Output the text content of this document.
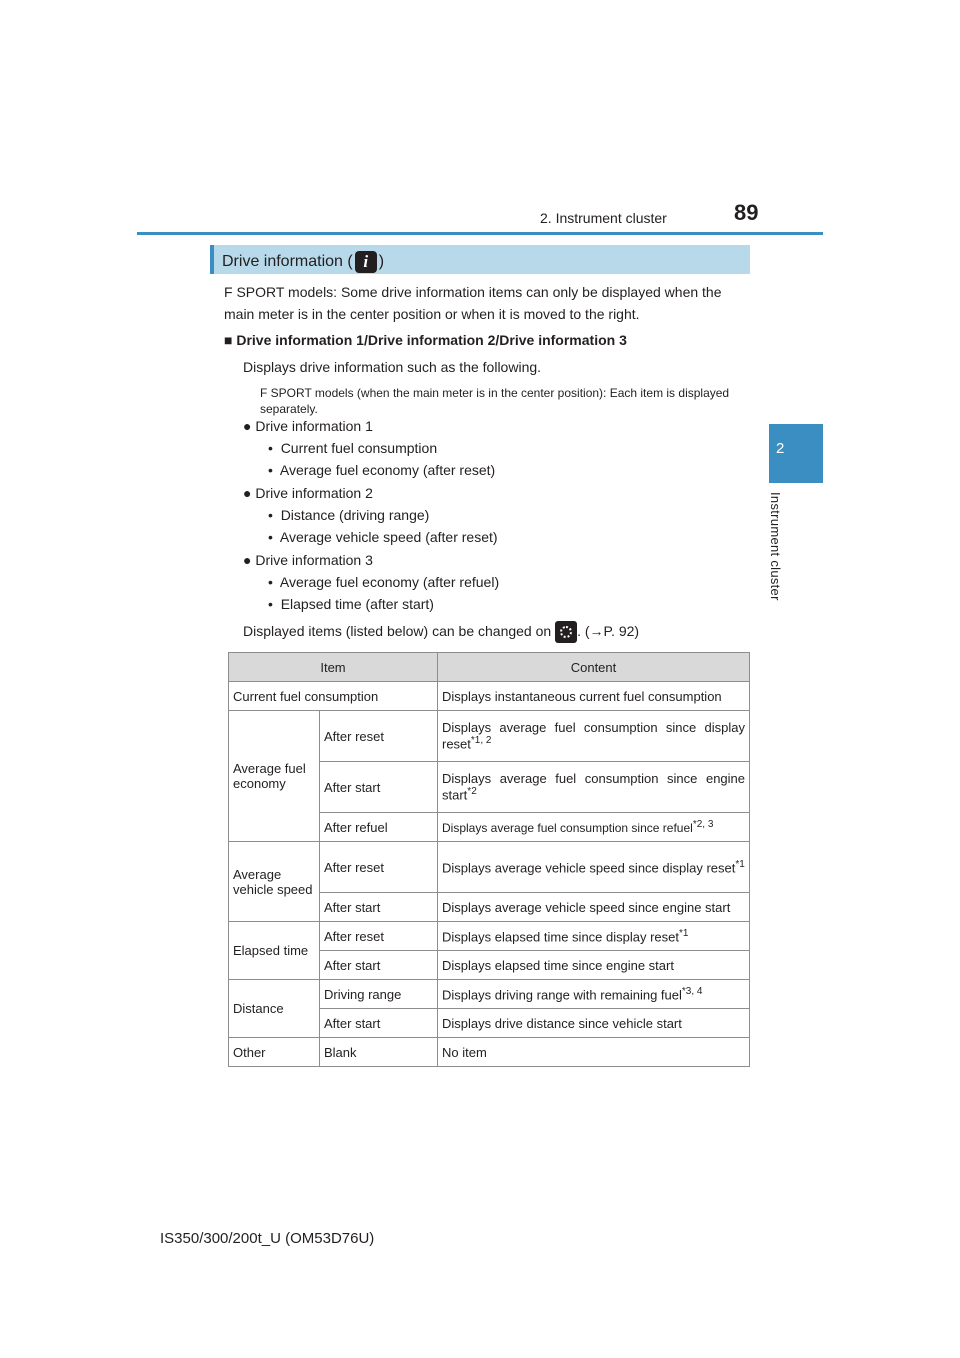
2. Instrument cluster	89
2
Instrument cluster
Drive information ( i )
F SPORT models: Some drive information items can only be displayed when the main meter is in the center position or when it is moved to the right.
■ Drive information 1/Drive information 2/Drive information 3
Displays drive information such as the following.
F SPORT models (when the main meter is in the center position): Each item is displayed separately.
● Drive information 1
•  Current fuel consumption
•  Average fuel economy (after reset)
● Drive information 2
•  Distance (driving range)
•  Average vehicle speed (after reset)
● Drive information 3
•  Average fuel economy (after refuel)
•  Elapsed time (after start)
Displayed items (listed below) can be changed on . (→P. 92)
Item		Content
Current fuel consumption		Displays instantaneous current fuel consumption
Average fuel economy	After reset	Displays average fuel consumption since display reset$^{*1, 2}$
	After start	Displays average fuel consumption since engine start$^{*2}$
	After refuel	Displays average fuel consumption since refuel$^{*2, 3}$
Average vehicle speed	After reset	Displays average vehicle speed since display reset$^{*1}$
	After start	Displays average vehicle speed since engine start
Elapsed time	After reset	Displays elapsed time since display reset$^{*1}$
	After start	Displays elapsed time since engine start
Distance	Driving range	Displays driving range with remaining fuel$^{*3, 4}$
	After start	Displays drive distance since vehicle start
Other	Blank	No item
IS350/300/200t_U (OM53D76U)
